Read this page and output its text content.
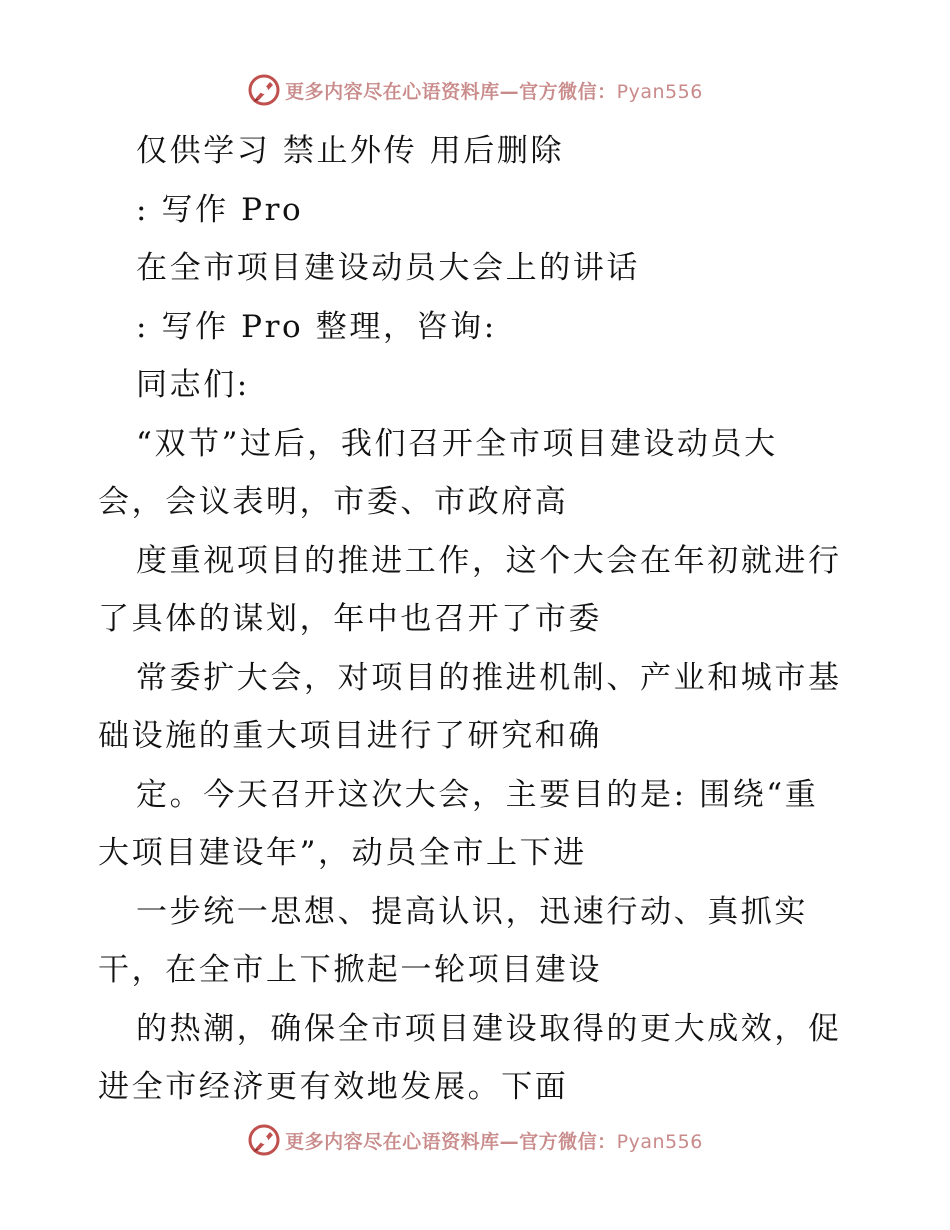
更多内容尽在心语资料库—官方微信：Pyan556
仅供学习 禁止外传 用后删除
: 写作 Pro
在全市项目建设动员大会上的讲话
: 写作 Pro 整理，咨询:
同志们:
“双节”过后，我们召开全市项目建设动员大
会，会议表明，市委、市政府高
度重视项目的推进工作，这个大会在年初就进行
了具体的谋划，年中也召开了市委
常委扩大会，对项目的推进机制、产业和城市基
础设施的重大项目进行了研究和确
定。今天召开这次大会，主要目的是: 围绕“重
大项目建设年”，动员全市上下进
一步统一思想、提高认识，迅速行动、真抓实
干，在全市上下掀起一轮项目建设
的热潮，确保全市项目建设取得的更大成效，促
进全市经济更有效地发展。下面
更多内容尽在心语资料库—官方微信：Pyan556
